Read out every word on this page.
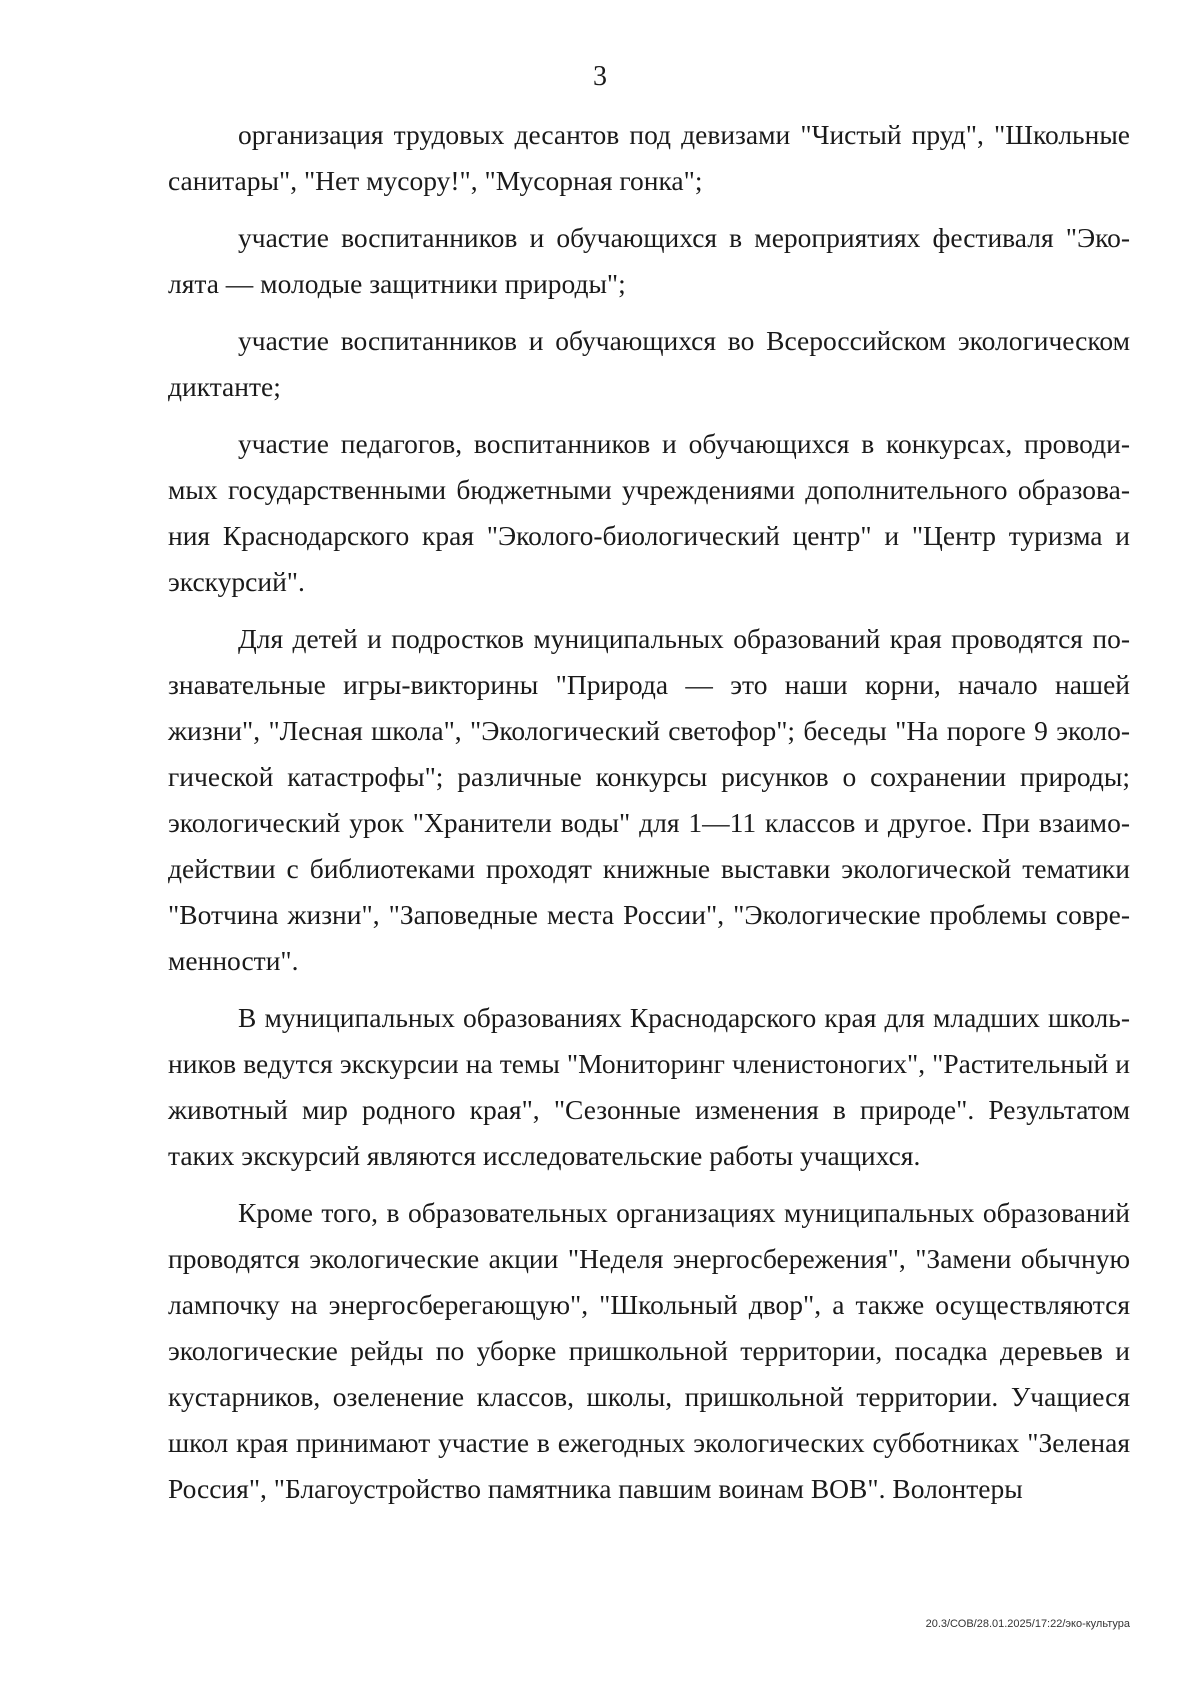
3

организация трудовых десантов под девизами "Чистый пруд", "Школьные санитары", "Нет мусору!", "Мусорная гонка";

участие воспитанников и обучающихся в мероприятиях фестиваля "Эколята — молодые защитники природы";

участие воспитанников и обучающихся во Всероссийском экологическом диктанте;

участие педагогов, воспитанников и обучающихся в конкурсах, проводимых государственными бюджетными учреждениями дополнительного образования Краснодарского края "Эколого-биологический центр" и "Центр туризма и экскурсий".

Для детей и подростков муниципальных образований края проводятся познавательные игры-викторины "Природа — это наши корни, начало нашей жизни", "Лесная школа", "Экологический светофор"; беседы "На пороге 9 экологической катастрофы"; различные конкурсы рисунков о сохранении природы; экологический урок "Хранители воды" для 1—11 классов и другое. При взаимодействии с библиотеками проходят книжные выставки экологической тематики "Вотчина жизни", "Заповедные места России", "Экологические проблемы современности".

В муниципальных образованиях Краснодарского края для младших школьников ведутся экскурсии на темы "Мониторинг членистоногих", "Растительный и животный мир родного края", "Сезонные изменения в природе". Результатом таких экскурсий являются исследовательские работы учащихся.

Кроме того, в образовательных организациях муниципальных образований проводятся экологические акции "Неделя энергосбережения", "Замени обычную лампочку на энергосберегающую", "Школьный двор", а также осуществляются экологические рейды по уборке пришкольной территории, посадка деревьев и кустарников, озеленение классов, школы, пришкольной территории. Учащиеся школ края принимают участие в ежегодных экологических субботниках "Зеленая Россия", "Благоустройство памятника павшим воинам ВОВ". Волонтеры

20.3/СОВ/28.01.2025/17:22/эко-культура
